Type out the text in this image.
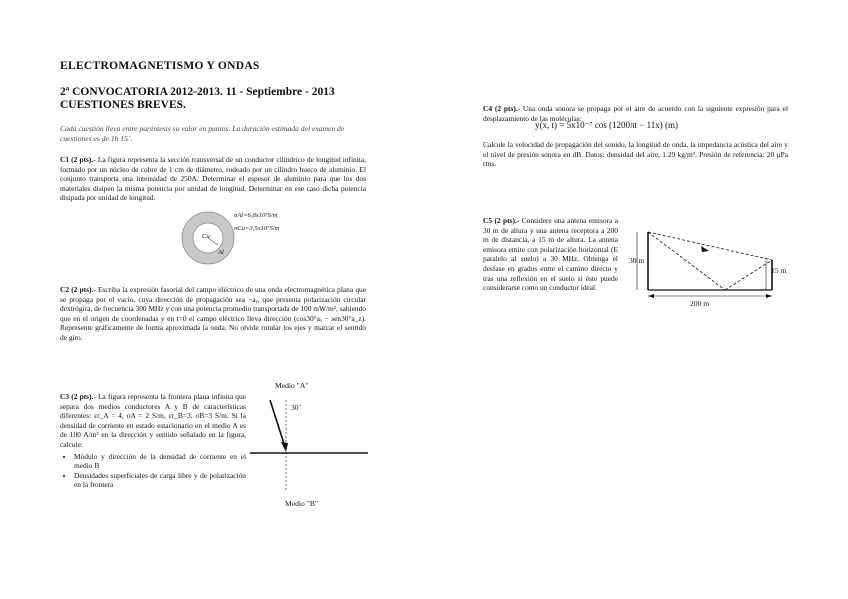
ELECTROMAGNETISMO Y ONDAS
2ª CONVOCATORIA 2012-2013. 11 - Septiembre - 2013
CUESTIONES BREVES.
Cada cuestión lleva entre paréntesis su valor en puntos. La duración estimada del examen de cuestiones es de 1h 15´.
C1 (2 pts).- La figura representa la sección transversal de un conductor cilíndrico de longitud infinita, formado por un núcleo de cobre de 1 cm de diámetro, rodeado por un cilindro hueco de aluminio. El conjunto transporta una intensidad de 250A. Determinar el espesor de aluminio para que los dos materiales disipen la misma potencia por unidad de longitud. Determinar en ese caso dicha potencia disipada por unidad de longitud.
Cu
Al
σAl=6,8x10⁷S/m
σCu=3,5x10⁷S/m
C2 (2 pts).- Escriba la expresión fasorial del campo eléctrico de una onda electromagnética plana que se propaga por el vacío, cuya dirección de propagación sea −aᵧ, que presenta polarización circular dextrógira, de frecuencia 300 MHz y con una potencia promedio transportada de 100 mW/m², sabiendo que en el origen de coordenadas y en t=0 el campo eléctrico lleva dirección (cos30°aₓ − sen30°a_z). Represente gráficamente de forma aproximada la onda. No olvide rotular los ejes y marcar el sentido de giro.
C3 (2 pts).- La figura representa la frontera plana infinita que separa dos medios conductores A y B de características diferentes: εr_A = 4, σA = 2 S/m, εr_B=3, σB=3 S/m. Si la densidad de corriente en estado estacionario en el medio A es de 100 A/m² en la dirección y sentido señalado en la figura, calcule:
• Módulo y dirección de la densidad de corriente en el medio B
• Densidades superficiales de carga libre y de polarización en la frontera
Medio "A"
Medio "B"
30˚
C4 (2 pts).- Una onda sonora se propaga por el aire de acuerdo con la siguiente expresión para el desplazamiento de las moléculas:
y(x, t) = 5x10⁻⁷ cos (1200πt − 11x) (m)
Calcule la velocidad de propagación del sonido, la longitud de onda, la impedancia acústica del aire y el nivel de presión sonora en dB. Datos: densidad del aire, 1.29 kg/m³. Presión de referencia: 20 μPa rms.
C5 (2 pts).- Considere una antena emisora a 30 m de altura y una antena receptora a 200 m de distancia, a 15 m de altura. La antena emisora emite con polarización horizontal (E paralelo al suelo) a 30 MHz. Obtenga el desfase en grados entre el camino directo y tras una reflexión en el suelo si éste puede considerarse como un conductor ideal.
30 m
15 m
200 m
